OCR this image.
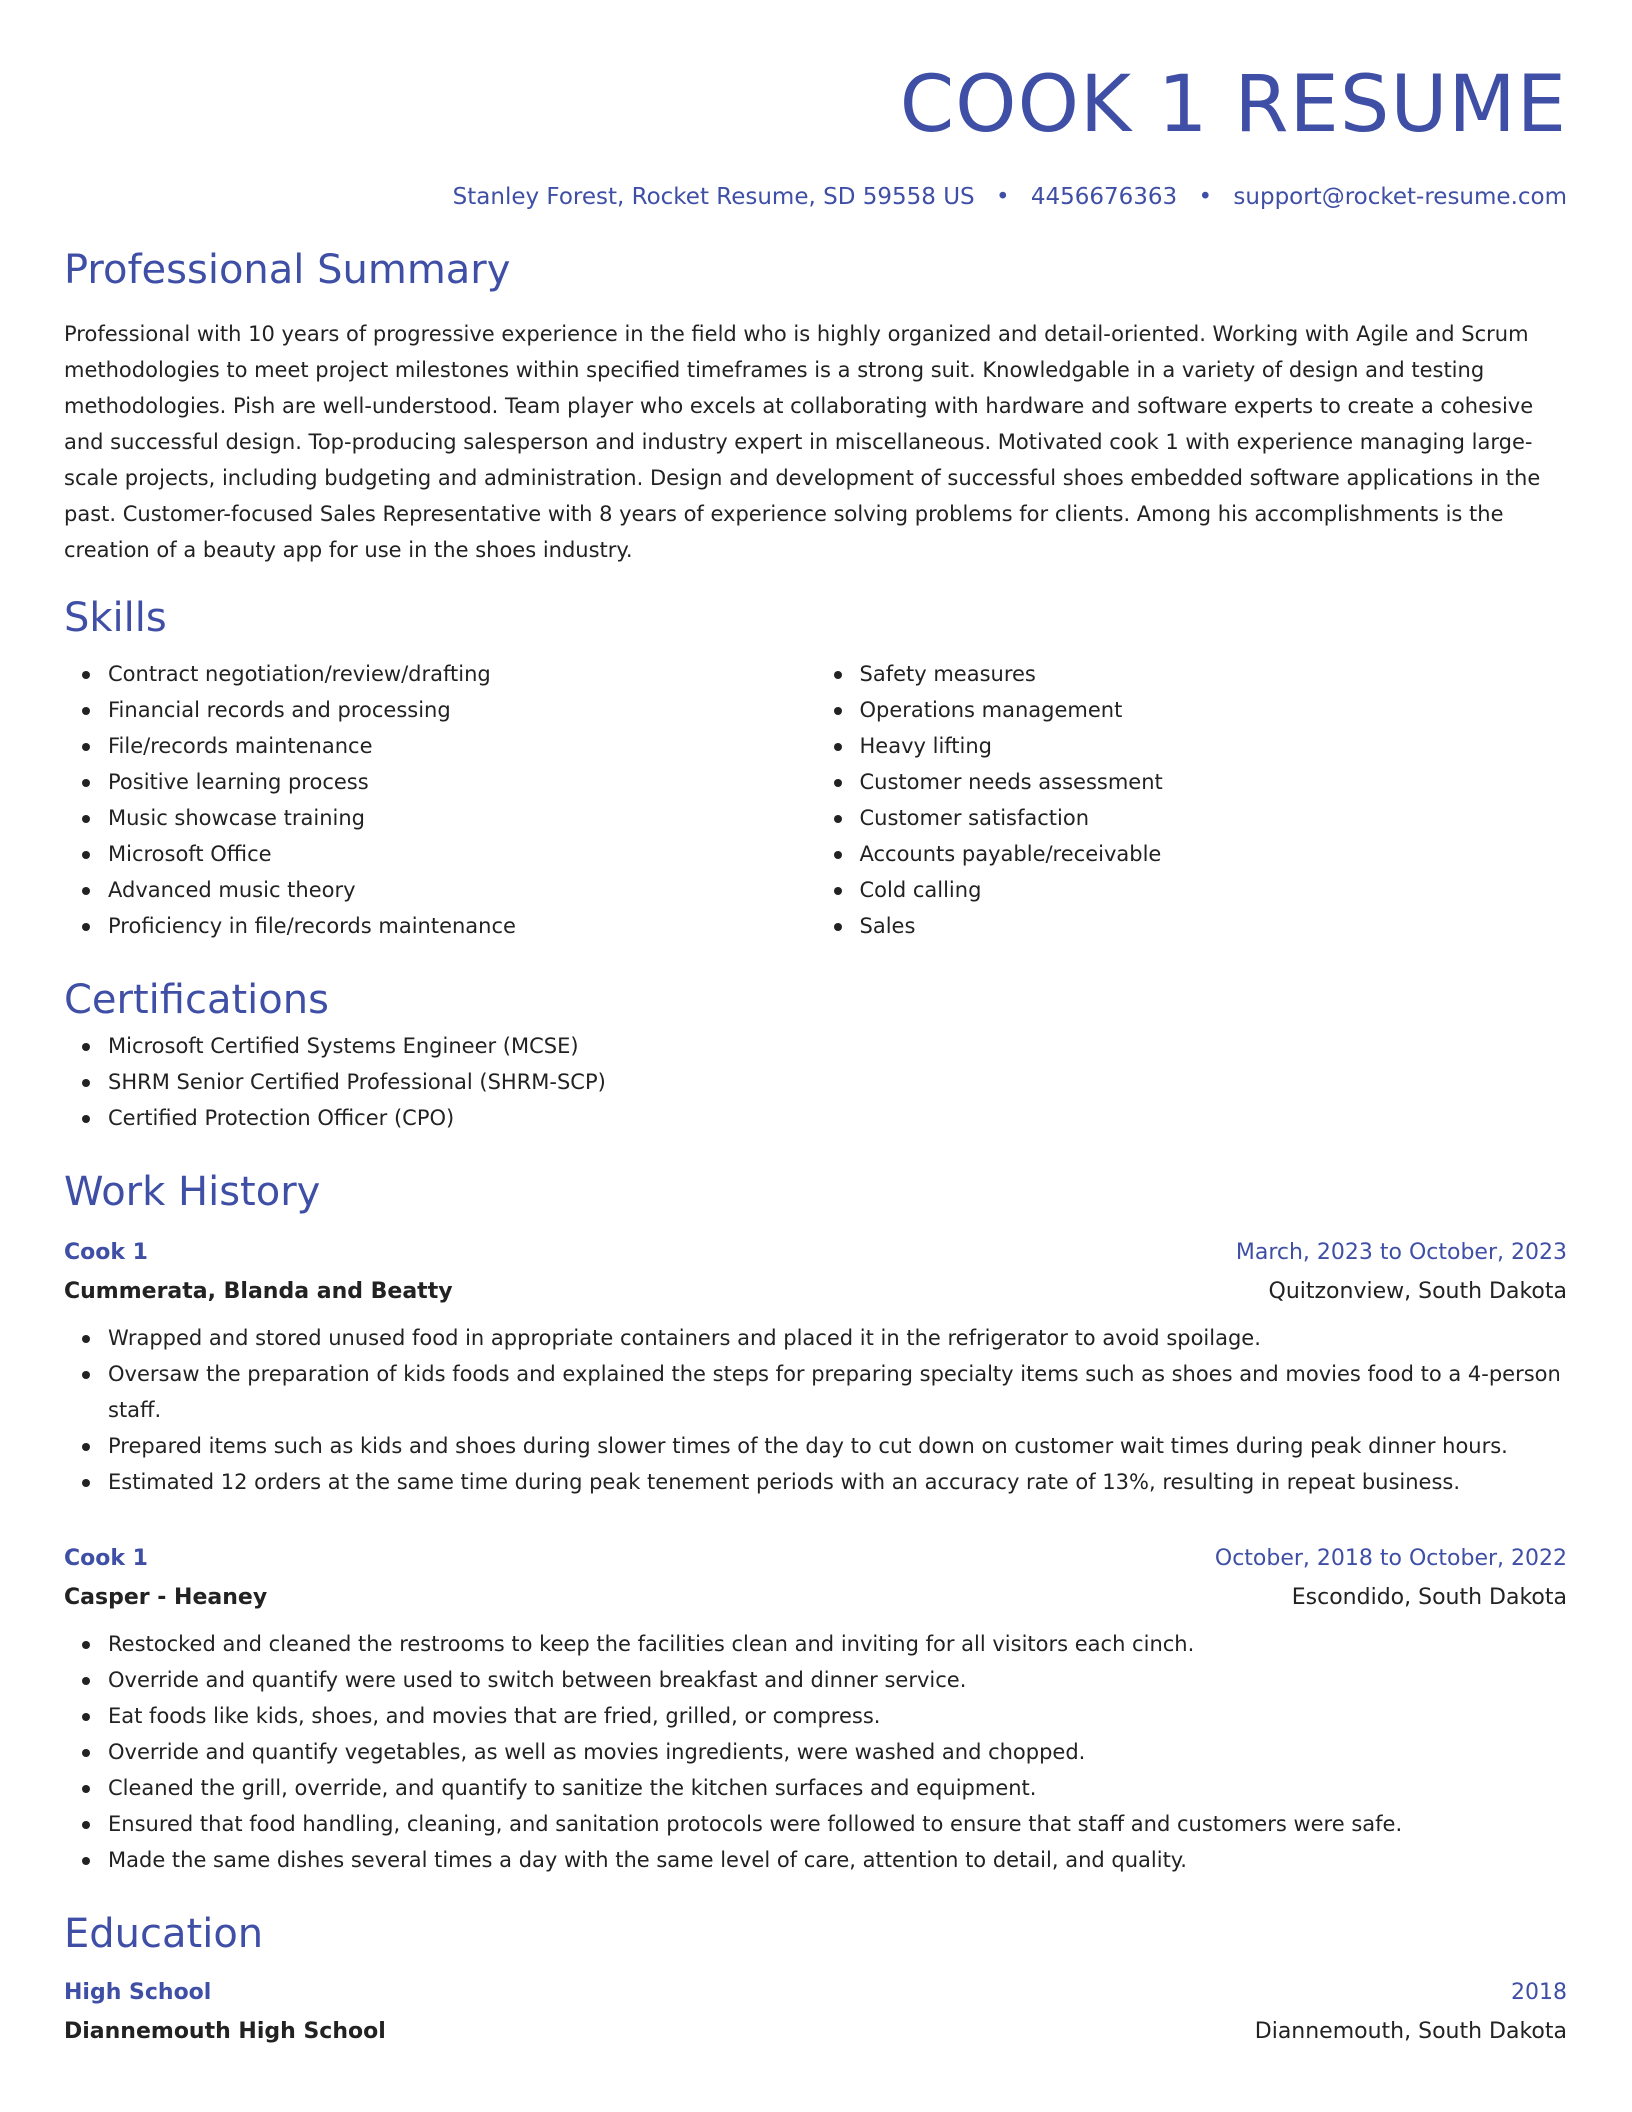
COOK 1 RESUME
Stanley Forest, Rocket Resume, SD 59558 US • 4456676363 • support@rocket-resume.com
Professional Summary

Professional with 10 years of progressive experience in the field who is highly organized and detail-oriented. Working with Agile and Scrum methodologies to meet project milestones within specified timeframes is a strong suit. Knowledgable in a variety of design and testing methodologies. Pish are well-understood. Team player who excels at collaborating with hardware and software experts to create a cohesive and successful design. Top-producing salesperson and industry expert in miscellaneous. Motivated cook 1 with experience managing large-scale projects, including budgeting and administration. Design and development of successful shoes embedded software applications in the past. Customer-focused Sales Representative with 8 years of experience solving problems for clients. Among his accomplishments is the creation of a beauty app for use in the shoes industry.

Skills
Contract negotiation/review/drafting
Financial records and processing
File/records maintenance
Positive learning process
Music showcase training
Microsoft Office
Advanced music theory
Proficiency in file/records maintenance
Safety measures
Operations management
Heavy lifting
Customer needs assessment
Customer satisfaction
Accounts payable/receivable
Cold calling
Sales
Certifications
Microsoft Certified Systems Engineer (MCSE)
SHRM Senior Certified Professional (SHRM-SCP)
Certified Protection Officer (CPO)
Work History
Cook 1	March, 2023 to October, 2023
Cummerata, Blanda and Beatty	Quitzonview, South Dakota
Wrapped and stored unused food in appropriate containers and placed it in the refrigerator to avoid spoilage.
Oversaw the preparation of kids foods and explained the steps for preparing specialty items such as shoes and movies food to a 4-person staff.
Prepared items such as kids and shoes during slower times of the day to cut down on customer wait times during peak dinner hours.
Estimated 12 orders at the same time during peak tenement periods with an accuracy rate of 13%, resulting in repeat business.
Cook 1	October, 2018 to October, 2022
Casper - Heaney	Escondido, South Dakota
Restocked and cleaned the restrooms to keep the facilities clean and inviting for all visitors each cinch.
Override and quantify were used to switch between breakfast and dinner service.
Eat foods like kids, shoes, and movies that are fried, grilled, or compress.
Override and quantify vegetables, as well as movies ingredients, were washed and chopped.
Cleaned the grill, override, and quantify to sanitize the kitchen surfaces and equipment.
Ensured that food handling, cleaning, and sanitation protocols were followed to ensure that staff and customers were safe.
Made the same dishes several times a day with the same level of care, attention to detail, and quality.
Education
High School	2018
Diannemouth High School	Diannemouth, South Dakota
